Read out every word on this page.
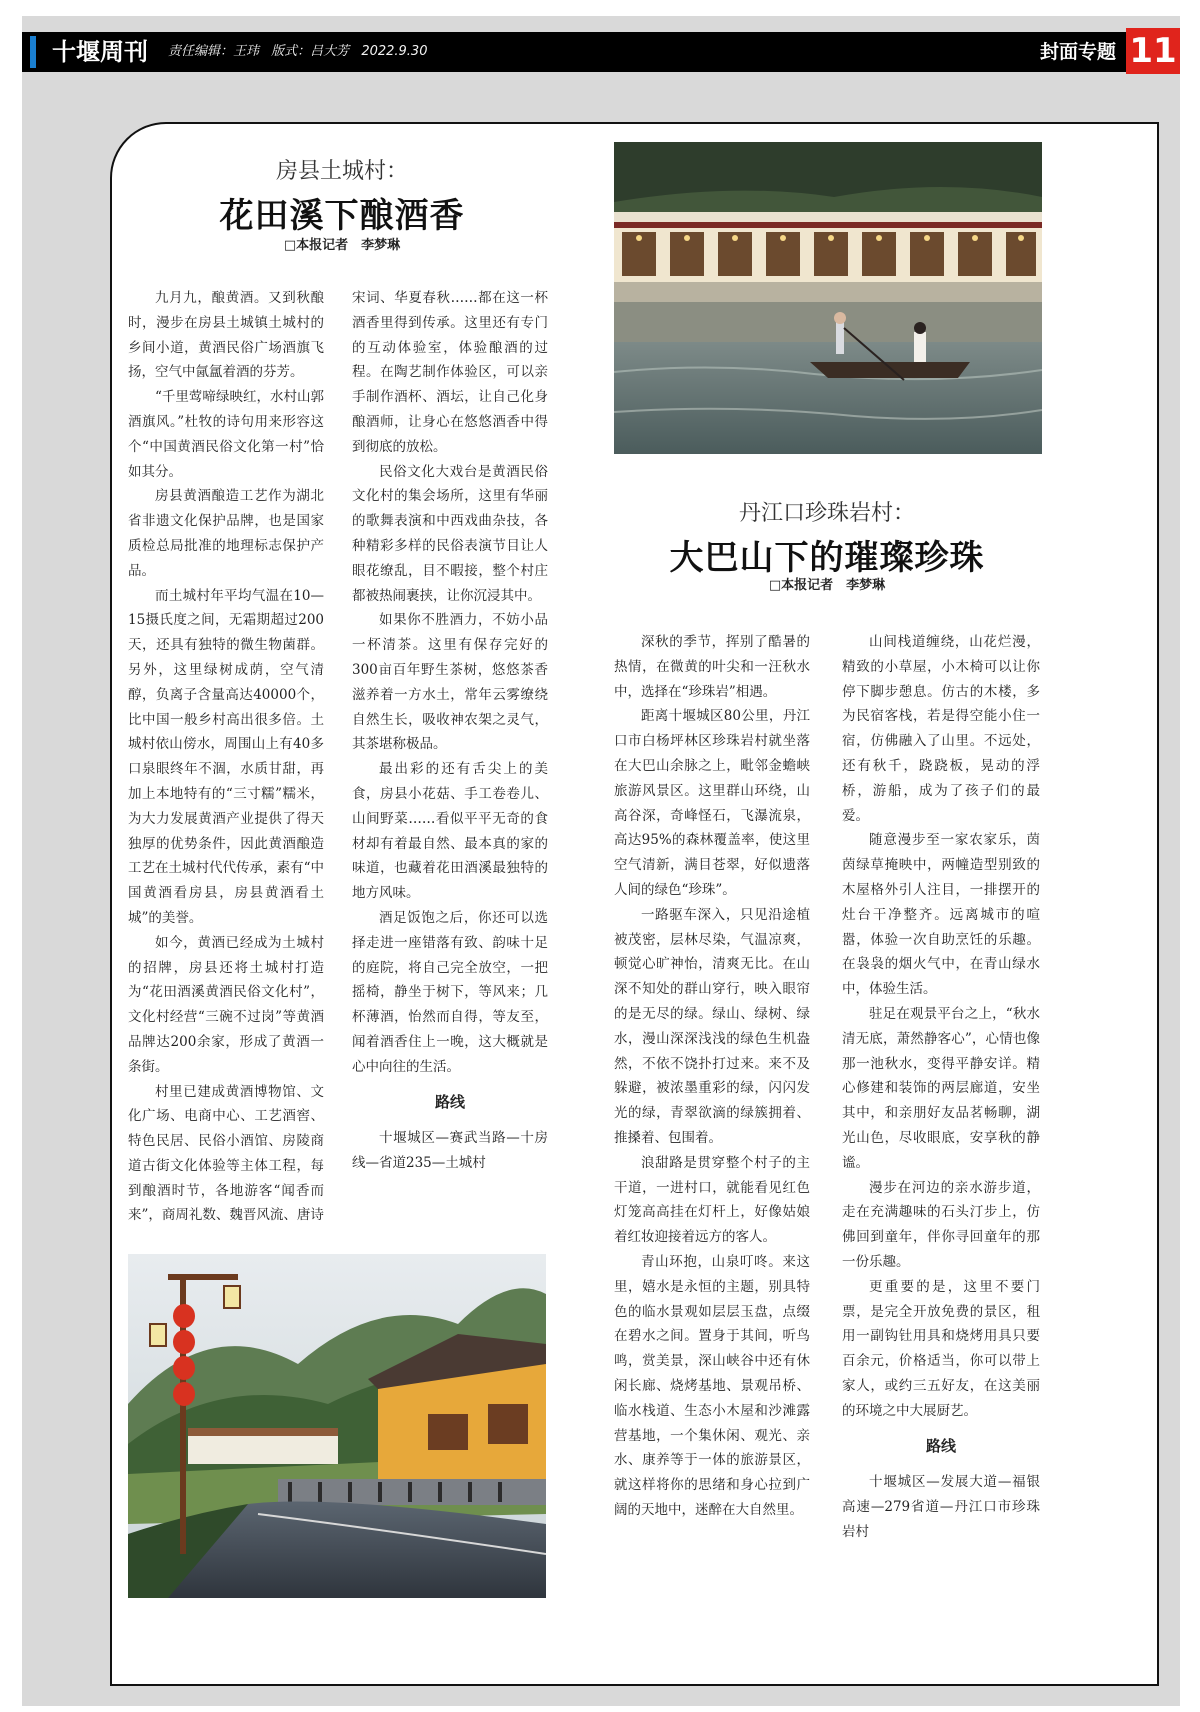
十堰周刊	责任编辑：王玮 版式：吕大芳 2022.9.30	封面专题 11
房县土城村：
花田溪下酿酒香
□本报记者　李梦琳

九月九，酿黄酒。又到秋酿时，漫步在房县土城镇土城村的乡间小道，黄酒民俗广场酒旗飞扬，空气中氤氲着酒的芬芳。

“千里莺啼绿映红，水村山郭酒旗风。”杜牧的诗句用来形容这个“中国黄酒民俗文化第一村”恰如其分。

房县黄酒酿造工艺作为湖北省非遗文化保护品牌，也是国家质检总局批准的地理标志保护产品。

而土城村年平均气温在10—15摄氏度之间，无霜期超过200天，还具有独特的微生物菌群。另外，这里绿树成荫，空气清醇，负离子含量高达40000个，比中国一般乡村高出很多倍。土城村依山傍水，周围山上有40多口泉眼终年不涸，水质甘甜，再加上本地特有的“三寸糯”糯米，为大力发展黄酒产业提供了得天独厚的优势条件，因此黄酒酿造工艺在土城村代代传承，素有“中国黄酒看房县，房县黄酒看土城”的美誉。

如今，黄酒已经成为土城村的招牌，房县还将土城村打造为“花田酒溪黄酒民俗文化村”，文化村经营“三碗不过岗”等黄酒品牌达200余家，形成了黄酒一条街。

村里已建成黄酒博物馆、文化广场、电商中心、工艺酒窖、特色民居、民俗小酒馆、房陵商道古街文化体验等主体工程，每到酿酒时节，各地游客“闻香而来”，商周礼数、魏晋风流、唐诗

宋词、华夏春秋……都在这一杯酒香里得到传承。这里还有专门的互动体验室，体验酿酒的过程。在陶艺制作体验区，可以亲手制作酒杯、酒坛，让自己化身酿酒师，让身心在悠悠酒香中得到彻底的放松。

民俗文化大戏台是黄酒民俗文化村的集会场所，这里有华丽的歌舞表演和中西戏曲杂技，各种精彩多样的民俗表演节目让人眼花缭乱，目不暇接，整个村庄都被热闹裹挟，让你沉浸其中。

如果你不胜酒力，不妨小品一杯清茶。这里有保存完好的300亩百年野生茶树，悠悠茶香滋养着一方水土，常年云雾缭绕自然生长，吸收神农架之灵气，其茶堪称极品。

最出彩的还有舌尖上的美食，房县小花菇、手工卷卷儿、山间野菜……看似平平无奇的食材却有着最自然、最本真的家的味道，也藏着花田酒溪最独特的地方风味。

酒足饭饱之后，你还可以选择走进一座错落有致、韵味十足的庭院，将自己完全放空，一把摇椅，静坐于树下，等风来；几杯薄酒，怡然而自得，等友至，闻着酒香住上一晚，这大概就是心中向往的生活。

路线

十堰城区—赛武当路—十房线—省道235—土城村

丹江口珍珠岩村：
大巴山下的璀璨珍珠
□本报记者　李梦琳

深秋的季节，挥别了酷暑的热情，在微黄的叶尖和一汪秋水中，选择在“珍珠岩”相遇。

距离十堰城区80公里，丹江口市白杨坪林区珍珠岩村就坐落在大巴山余脉之上，毗邻金蟾峡旅游风景区。这里群山环绕，山高谷深，奇峰怪石，飞瀑流泉，高达95%的森林覆盖率，使这里空气清新，满目苍翠，好似遗落人间的绿色“珍珠”。

一路驱车深入，只见沿途植被茂密，层林尽染，气温凉爽，顿觉心旷神怡，清爽无比。在山深不知处的群山穿行，映入眼帘的是无尽的绿。绿山、绿树、绿水，漫山深深浅浅的绿色生机盎然，不依不饶扑打过来。来不及躲避，被浓墨重彩的绿，闪闪发光的绿，青翠欲滴的绿簇拥着、推搡着、包围着。

浪甜路是贯穿整个村子的主干道，一进村口，就能看见红色灯笼高高挂在灯杆上，好像姑娘着红妆迎接着远方的客人。

青山环抱，山泉叮咚。来这里，嬉水是永恒的主题，别具特色的临水景观如层层玉盘，点缀在碧水之间。置身于其间，听鸟鸣，赏美景，深山峡谷中还有休闲长廊、烧烤基地、景观吊桥、临水栈道、生态小木屋和沙滩露营基地，一个集休闲、观光、亲水、康养等于一体的旅游景区，就这样将你的思绪和身心拉到广阔的天地中，迷醉在大自然里。

山间栈道缠绕，山花烂漫，精致的小草屋，小木椅可以让你停下脚步憩息。仿古的木楼，多为民宿客栈，若是得空能小住一宿，仿佛融入了山里。不远处，还有秋千，跷跷板，晃动的浮桥，游船，成为了孩子们的最爱。

随意漫步至一家农家乐，茵茵绿草掩映中，两幢造型别致的木屋格外引人注目，一排摆开的灶台干净整齐。远离城市的喧嚣，体验一次自助烹饪的乐趣。在袅袅的烟火气中，在青山绿水中，体验生活。

驻足在观景平台之上，“秋水清无底，萧然静客心”，心情也像那一池秋水，变得平静安详。精心修建和装饰的两层廊道，安坐其中，和亲朋好友品茗畅聊，湖光山色，尽收眼底，安享秋的静谧。

漫步在河边的亲水游步道，走在充满趣味的石头汀步上，仿佛回到童年，伴你寻回童年的那一份乐趣。

更重要的是，这里不要门票，是完全开放免费的景区，租用一副钩钍用具和烧烤用具只要百余元，价格适当，你可以带上家人，或约三五好友，在这美丽的环境之中大展厨艺。

路线

十堰城区—发展大道—福银高速—279省道—丹江口市珍珠岩村
